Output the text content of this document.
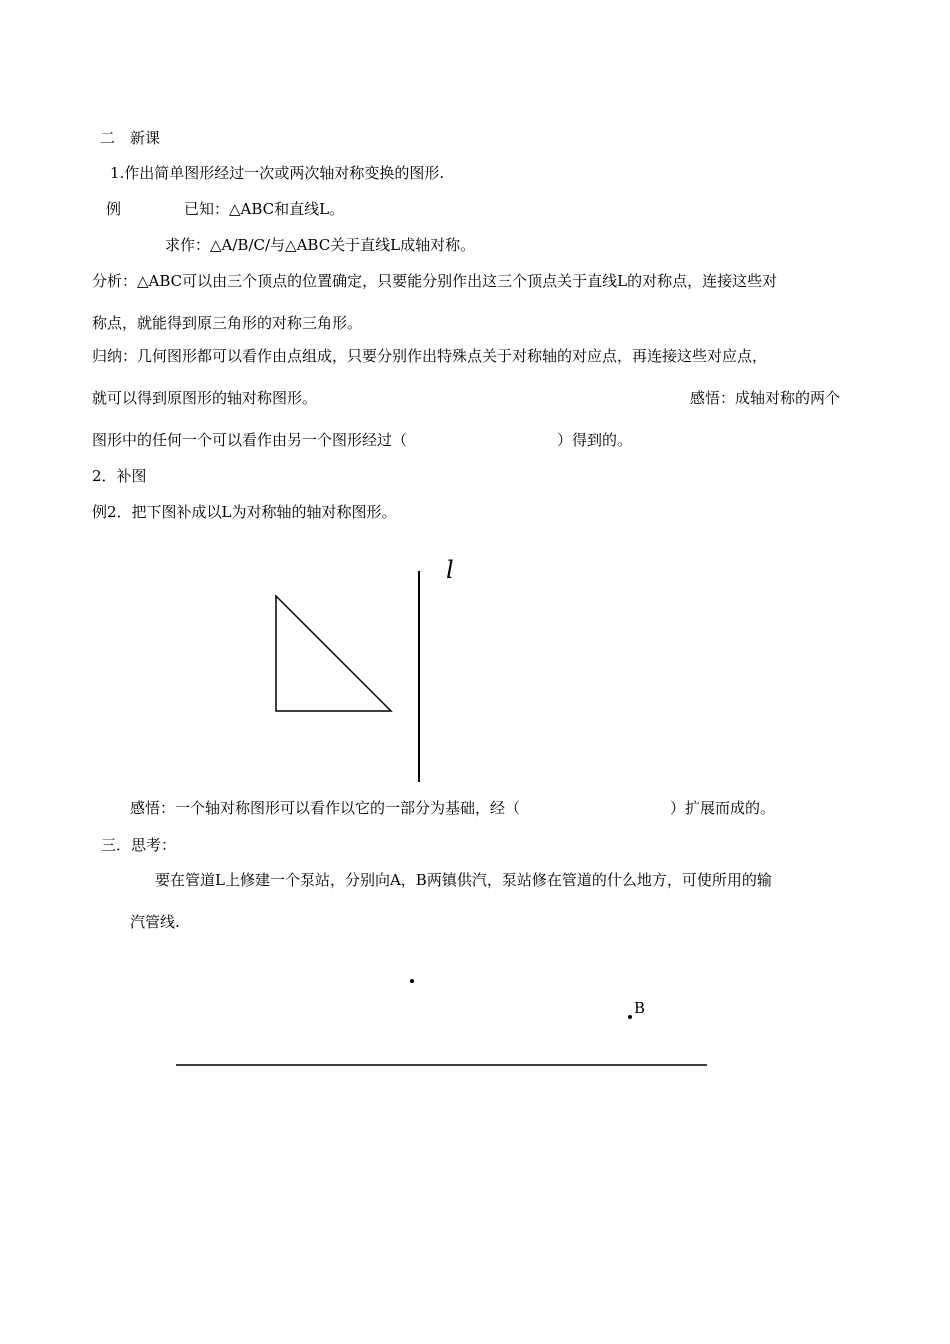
二　新课
1.作出简单图形经过一次或两次轴对称变换的图形.
例	已知：△ABC和直线L。
求作：△A/B/C/与△ABC关于直线L成轴对称。
分析：△ABC可以由三个顶点的位置确定，只要能分别作出这三个顶点关于直线L的对称点，连接这些对
称点，就能得到原三角形的对称三角形。
归纳：几何图形都可以看作由点组成，只要分别作出特殊点关于对称轴的对应点，再连接这些对应点，
就可以得到原图形的轴对称图形。	感悟：成轴对称的两个
图形中的任何一个可以看作由另一个图形经过（　　　　　　　　　　）得到的。
2．补图
例2．把下图补成以L为对称轴的轴对称图形。
l
感悟：一个轴对称图形可以看作以它的一部分为基础，经（　　　　　　　　　　）扩展而成的。
三．思考：
要在管道L上修建一个泵站，分别向A，B两镇供汽，泵站修在管道的什么地方，可使所用的输
汽管线.
B
